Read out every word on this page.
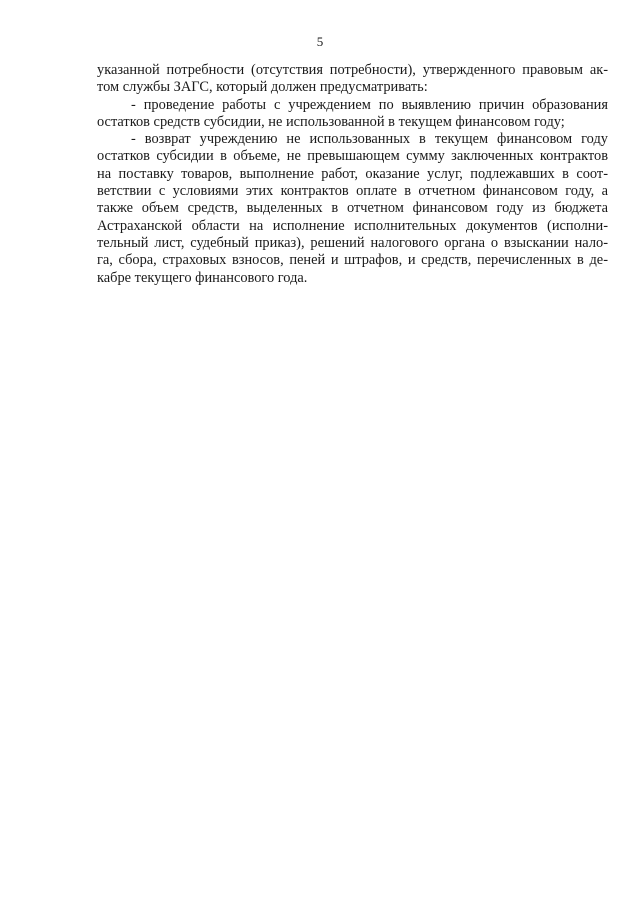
5
указанной потребности (отсутствия потребности), утвержденного правовым ак-
том службы ЗАГС, который должен предусматривать:
- проведение работы с учреждением по выявлению причин образования
остатков средств субсидии, не использованной в текущем финансовом году;
- возврат учреждению не использованных в текущем финансовом году
остатков субсидии в объеме, не превышающем сумму заключенных контрактов
на поставку товаров, выполнение работ, оказание услуг, подлежавших в соот-
ветствии с условиями этих контрактов оплате в отчетном финансовом году, а
также объем средств, выделенных в отчетном финансовом году из бюджета
Астраханской области на исполнение исполнительных документов (исполни-
тельный лист, судебный приказ), решений налогового органа о взыскании нало-
га, сбора, страховых взносов, пеней и штрафов, и средств, перечисленных в де-
кабре текущего финансового года.
